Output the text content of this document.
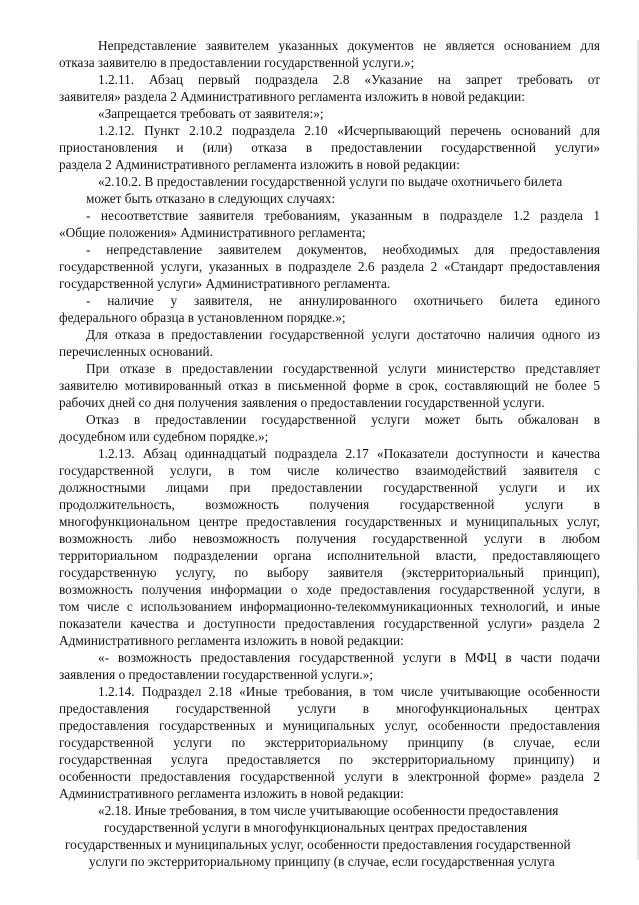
Непредставление заявителем указанных документов не является основанием для

отказа заявителю в предоставлении государственной услуги.»;

1.2.11. Абзац первый подраздела 2.8 «Указание на запрет требовать от

заявителя» раздела 2 Административного регламента изложить в новой редакции:

«Запрещается требовать от заявителя:»;

1.2.12. Пункт 2.10.2 подраздела 2.10 «Исчерпывающий перечень оснований для

приостановления и (или) отказа в предоставлении государственной услуги»

раздела 2 Административного регламента изложить в новой редакции:

«2.10.2. В предоставлении государственной услуги по выдаче охотничьего билета

может быть отказано в следующих случаях:

- несоответствие заявителя требованиям, указанным в подразделе 1.2 раздела 1

«Общие положения» Административного регламента;

- непредставление заявителем документов, необходимых для предоставления

государственной услуги, указанных в подразделе 2.6 раздела 2 «Стандарт предоставления

государственной услуги» Административного регламента.

- наличие у заявителя, не аннулированного охотничьего билета единого

федерального образца в установленном порядке.»;

Для отказа в предоставлении государственной услуги достаточно наличия одного из

перечисленных оснований.

При отказе в предоставлении государственной услуги министерство представляет

заявителю мотивированный отказ в письменной форме в срок, составляющий не более 5

рабочих дней со дня получения заявления о предоставлении государственной услуги.

Отказ в предоставлении государственной услуги может быть обжалован в

досудебном или судебном порядке.»;

1.2.13. Абзац одиннадцатый подраздела 2.17 «Показатели доступности и качества

государственной услуги, в том числе количество взаимодействий заявителя с

должностными лицами при предоставлении государственной услуги и их

продолжительность, возможность получения государственной услуги в

многофункциональном центре предоставления государственных и муниципальных услуг,

возможность либо невозможность получения государственной услуги в любом

территориальном подразделении органа исполнительной власти, предоставляющего

государственную услугу, по выбору заявителя (экстерриториальный принцип),

возможность получения информации о ходе предоставления государственной услуги, в

том числе с использованием информационно-телекоммуникационных технологий, и иные

показатели качества и доступности предоставления государственной услуги» раздела 2

Административного регламента изложить в новой редакции:

«- возможность предоставления государственной услуги в МФЦ в части подачи

заявления о предоставлении государственной услуги.»;

1.2.14. Подраздел 2.18 «Иные требования, в том числе учитывающие особенности

предоставления государственной услуги в многофункциональных центрах

предоставления государственных и муниципальных услуг, особенности предоставления

государственной услуги по экстерриториальному принципу (в случае, если

государственная услуга предоставляется по экстерриториальному принципу) и

особенности предоставления государственной услуги в электронной форме» раздела 2

Административного регламента изложить в новой редакции:

«2.18. Иные требования, в том числе учитывающие особенности предоставления

государственной услуги в многофункциональных центрах предоставления

государственных и муниципальных услуг, особенности предоставления государственной

услуги по экстерриториальному принципу (в случае, если государственная услуга
